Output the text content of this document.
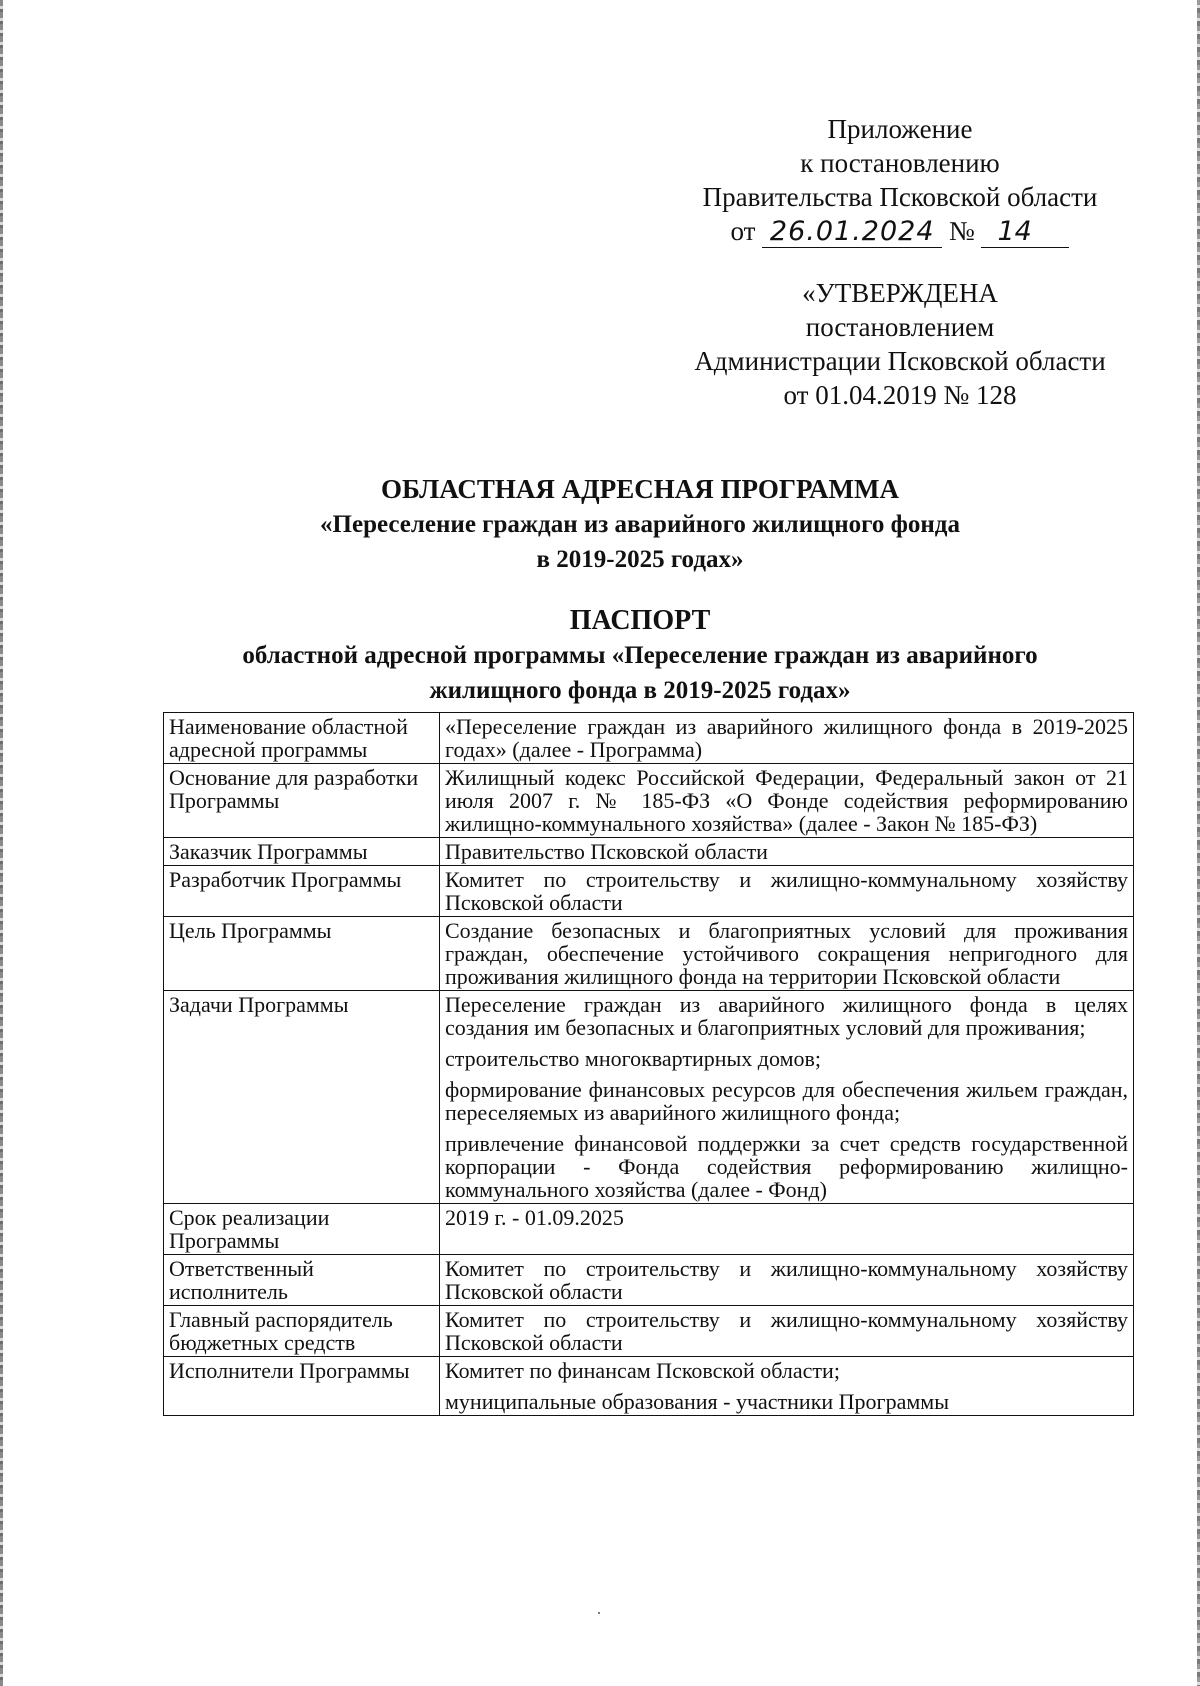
Приложение
к постановлению
Правительства Псковской области
от 26.01.2024 № 14
«УТВЕРЖДЕНА
постановлением
Администрации Псковской области
от 01.04.2019 № 128
ОБЛАСТНАЯ АДРЕСНАЯ ПРОГРАММА
«Переселение граждан из аварийного жилищного фонда
в 2019-2025 годах»
ПАСПОРТ
областной адресной программы «Переселение граждан из аварийного
жилищного фонда в 2019-2025 годах»
Наименование областной адресной программы	«Переселение граждан из аварийного жилищного фонда в 2019-2025 годах» (далее - Программа)

Основание для разработки Программы	Жилищный кодекс Российской Федерации, Федеральный закон от 21 июля 2007 г. № 185-ФЗ «О Фонде содействия реформированию жилищно-коммунального хозяйства» (далее - Закон № 185-ФЗ)

Заказчик Программы	Правительство Псковской области

Разработчик Программы	Комитет по строительству и жилищно-коммунальному хозяйству Псковской области

Цель Программы	Создание безопасных и благоприятных условий для проживания граждан, обеспечение устойчивого сокращения непригодного для проживания жилищного фонда на территории Псковской области

Задачи Программы	Переселение граждан из аварийного жилищного фонда в целях создания им безопасных и благоприятных условий для проживания;

строительство многоквартирных домов;

формирование финансовых ресурсов для обеспечения жильем граждан, переселяемых из аварийного жилищного фонда;

привлечение финансовой поддержки за счет средств государственной корпорации - Фонда содействия реформированию жилищно-коммунального хозяйства (далее - Фонд)

Срок реализации Программы	2019 г. - 01.09.2025

Ответственный исполнитель	Комитет по строительству и жилищно-коммунальному хозяйству Псковской области

Главный распорядитель бюджетных средств	Комитет по строительству и жилищно-коммунальному хозяйству Псковской области

Исполнители Программы	Комитет по финансам Псковской области;

муниципальные образования - участники Программы
